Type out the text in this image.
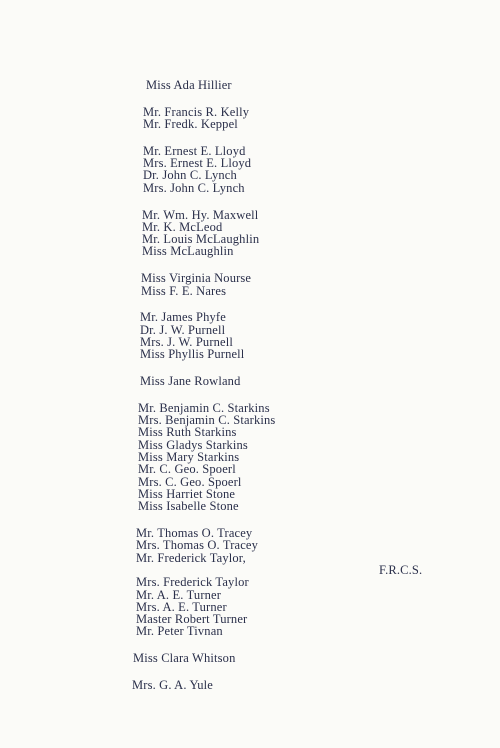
Miss Ada Hillier
Mr. Francis R. Kelly
Mr. Fredk. Keppel
Mr. Ernest E. Lloyd
Mrs. Ernest E. Lloyd
Dr. John C. Lynch
Mrs. John C. Lynch
Mr. Wm. Hy. Maxwell
Mr. K. McLeod
Mr. Louis McLaughlin
Miss McLaughlin
Miss Virginia Nourse
Miss F. E. Nares
Mr. James Phyfe
Dr. J. W. Purnell
Mrs. J. W. Purnell
Miss Phyllis Purnell
Miss Jane Rowland
Mr. Benjamin C. Starkins
Mrs. Benjamin C. Starkins
Miss Ruth Starkins
Miss Gladys Starkins
Miss Mary Starkins
Mr. C. Geo. Spoerl
Mrs. C. Geo. Spoerl
Miss Harriet Stone
Miss Isabelle Stone
Mr. Thomas O. Tracey
Mrs. Thomas O. Tracey
Mr. Frederick Taylor,
F.R.C.S.
Mrs. Frederick Taylor
Mr. A. E. Turner
Mrs. A. E. Turner
Master Robert Turner
Mr. Peter Tivnan
Miss Clara Whitson
Mrs. G. A. Yule
